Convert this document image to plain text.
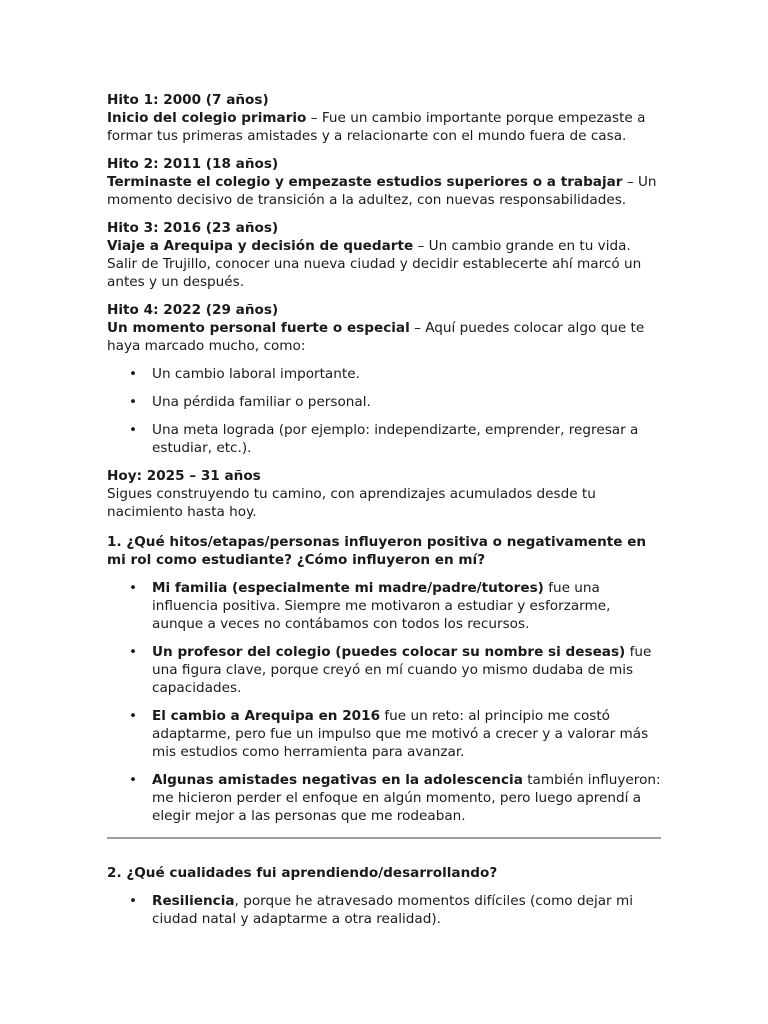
Hito 1: 2000 (7 años)

Inicio del colegio primario – Fue un cambio importante porque empezaste a formar tus primeras amistades y a relacionarte con el mundo fuera de casa.

Hito 2: 2011 (18 años)

Terminaste el colegio y empezaste estudios superiores o a trabajar – Un momento decisivo de transición a la adultez, con nuevas responsabilidades.

Hito 3: 2016 (23 años)

Viaje a Arequipa y decisión de quedarte – Un cambio grande en tu vida. Salir de Trujillo, conocer una nueva ciudad y decidir establecerte ahí marcó un antes y un después.

Hito 4: 2022 (29 años)

Un momento personal fuerte o especial – Aquí puedes colocar algo que te haya marcado mucho, como:

• Un cambio laboral importante.
• Una pérdida familiar o personal.
• Una meta lograda (por ejemplo: independizarte, emprender, regresar a estudiar, etc.).

Hoy: 2025 – 31 años

Sigues construyendo tu camino, con aprendizajes acumulados desde tu nacimiento hasta hoy.

1. ¿Qué hitos/etapas/personas influyeron positiva o negativamente en mi rol como estudiante? ¿Cómo influyeron en mí?

• Mi familia (especialmente mi madre/padre/tutores) fue una influencia positiva. Siempre me motivaron a estudiar y esforzarme, aunque a veces no contábamos con todos los recursos.
• Un profesor del colegio (puedes colocar su nombre si deseas) fue una figura clave, porque creyó en mí cuando yo mismo dudaba de mis capacidades.
• El cambio a Arequipa en 2016 fue un reto: al principio me costó adaptarme, pero fue un impulso que me motivó a crecer y a valorar más mis estudios como herramienta para avanzar.
• Algunas amistades negativas en la adolescencia también influyeron: me hicieron perder el enfoque en algún momento, pero luego aprendí a elegir mejor a las personas que me rodeaban.

2. ¿Qué cualidades fui aprendiendo/desarrollando?

• Resiliencia, porque he atravesado momentos difíciles (como dejar mi ciudad natal y adaptarme a otra realidad).
